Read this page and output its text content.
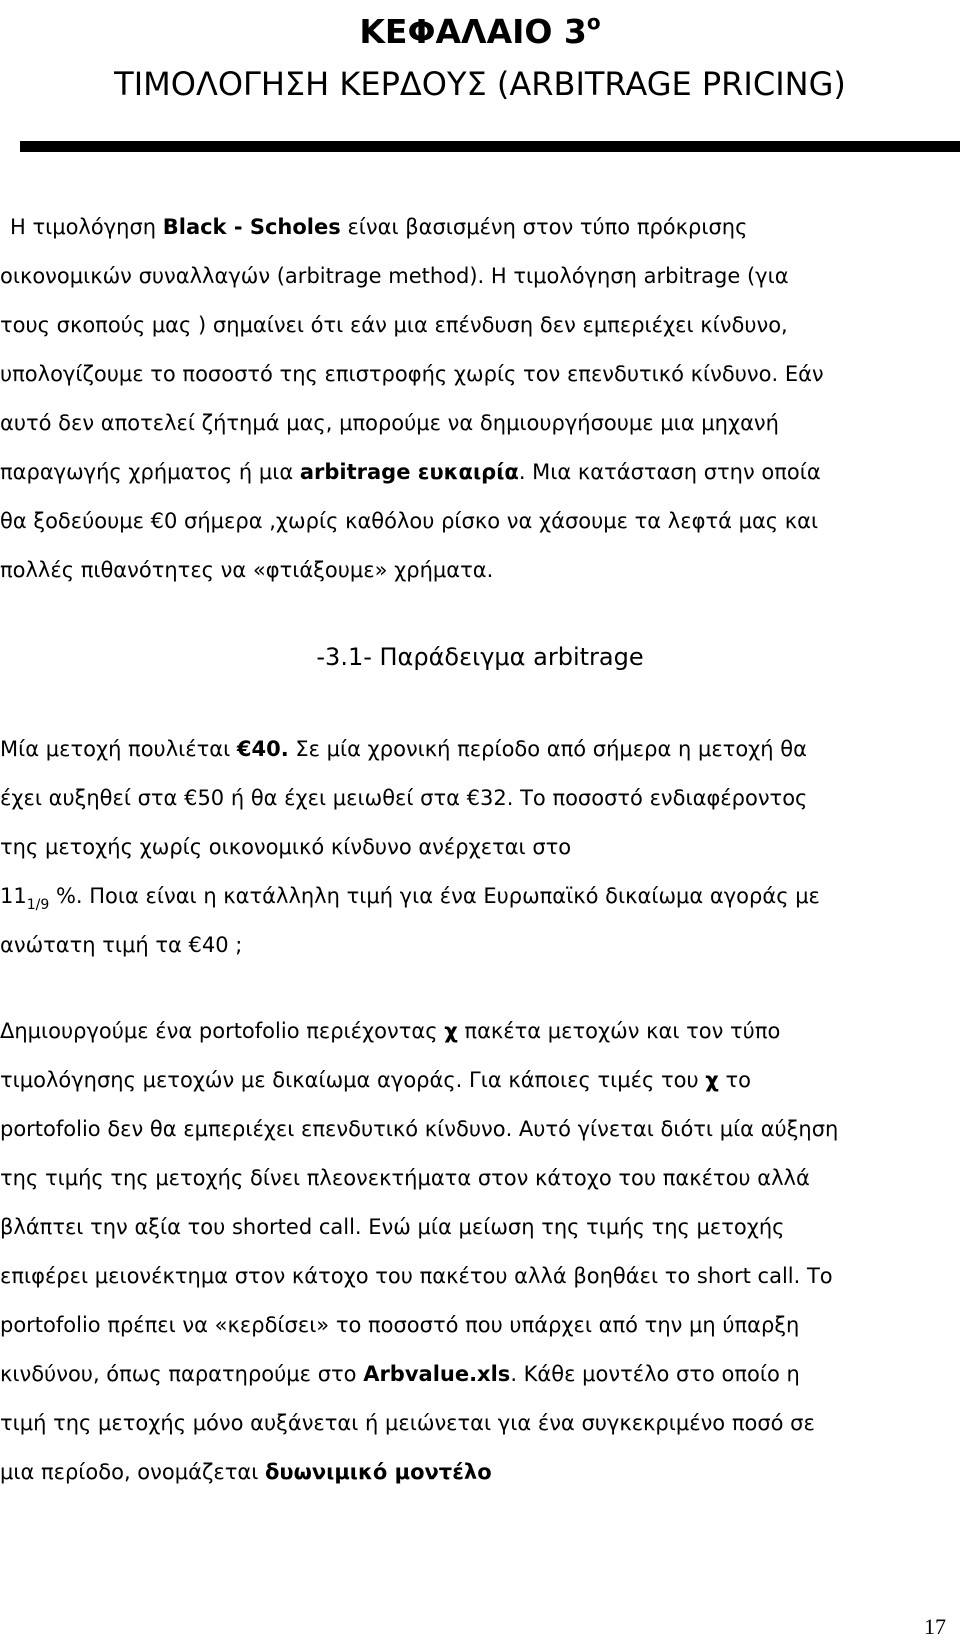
ΚΕΦΑΛΑΙΟ $3^o$
ΤΙΜΟΛΟΓΗΣΗ ΚΕΡΔΟΥΣ (ARBITRAGE PRICING)
Η τιμολόγηση Black - Scholes είναι βασισμένη στον τύπο πρόκρισης
οικονομικών συναλλαγών (arbitrage method). Η τιμολόγηση arbitrage (για
τους σκοπούς μας ) σημαίνει ότι εάν μια επένδυση δεν εμπεριέχει κίνδυνο,
υπολογίζουμε το ποσοστό της επιστροφής χωρίς τον επενδυτικό κίνδυνο. Εάν
αυτό δεν αποτελεί ζήτημά μας, μπορούμε να δημιουργήσουμε μια μηχανή
παραγωγής χρήματος ή μια arbitrage ευκαιρία. Μια κατάσταση στην οποία
θα ξοδεύουμε €0 σήμερα ,χωρίς καθόλου ρίσκο να χάσουμε τα λεφτά μας και
πολλές πιθανότητες να «φτιάξουμε» χρήματα.
-3.1- Παράδειγμα arbitrage
Μία μετοχή πουλιέται €40. Σε μία χρονική περίοδο από σήμερα η μετοχή θα
έχει αυξηθεί στα €50 ή θα έχει μειωθεί στα €32. Το ποσοστό ενδιαφέροντος
της μετοχής χωρίς οικονομικό κίνδυνο ανέρχεται στο
$11_{1/9}$ %. Ποια είναι η κατάλληλη τιμή για ένα Ευρωπαϊκό δικαίωμα αγοράς με
ανώτατη τιμή τα €40 ;
Δημιουργούμε ένα portofolio περιέχοντας χ πακέτα μετοχών και τον τύπο
τιμολόγησης μετοχών με δικαίωμα αγοράς. Για κάποιες τιμές του χ το
portofolio δεν θα εμπεριέχει επενδυτικό κίνδυνο. Αυτό γίνεται διότι μία αύξηση
της τιμής της μετοχής δίνει πλεονεκτήματα στον κάτοχο του πακέτου αλλά
βλάπτει την αξία του shorted call. Ενώ μία μείωση της τιμής της μετοχής
επιφέρει μειονέκτημα στον κάτοχο του πακέτου αλλά βοηθάει το short call. Το
portofolio πρέπει να «κερδίσει» το ποσοστό που υπάρχει από την μη ύπαρξη
κινδύνου, όπως παρατηρούμε στο Arbvalue.xls. Κάθε μοντέλο στο οποίο η
τιμή της μετοχής μόνο αυξάνεται ή μειώνεται για ένα συγκεκριμένο ποσό σε
μια περίοδο, ονομάζεται δυωνιμικό μοντέλο
17
